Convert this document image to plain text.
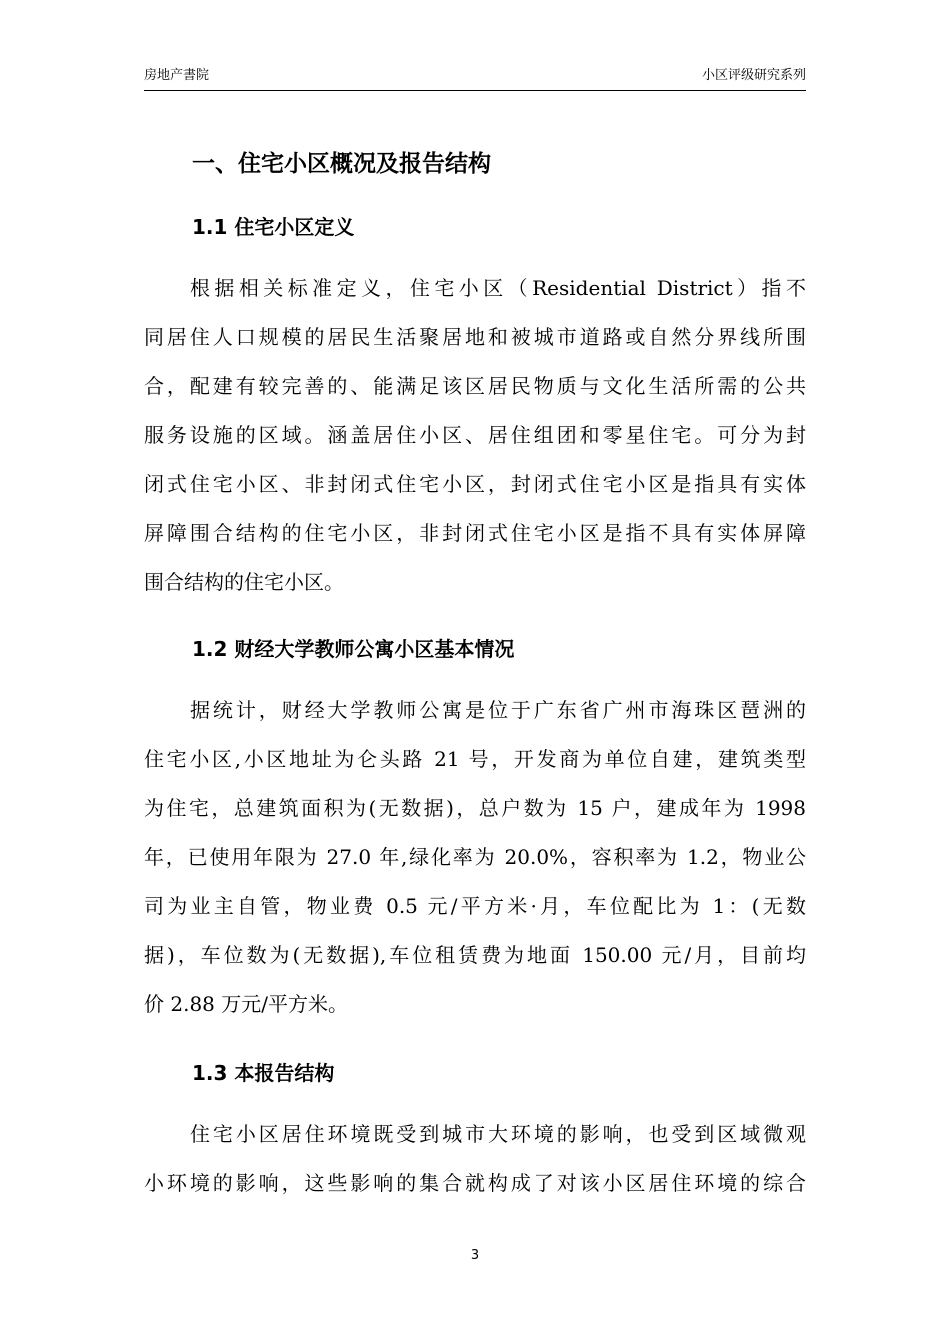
房地产書院	小区评级研究系列
一、住宅小区概况及报告结构
1.1 住宅小区定义
根据相关标准定义，住宅小区（Residential District）指不
同居住人口规模的居民生活聚居地和被城市道路或自然分界线所围
合，配建有较完善的、能满足该区居民物质与文化生活所需的公共
服务设施的区域。涵盖居住小区、居住组团和零星住宅。可分为封
闭式住宅小区、非封闭式住宅小区，封闭式住宅小区是指具有实体
屏障围合结构的住宅小区，非封闭式住宅小区是指不具有实体屏障
围合结构的住宅小区。
1.2 财经大学教师公寓小区基本情况
据统计，财经大学教师公寓是位于广东省广州市海珠区琶洲的
住宅小区,小区地址为仑头路 21 号，开发商为单位自建，建筑类型
为住宅，总建筑面积为(无数据)，总户数为 15 户，建成年为 1998
年，已使用年限为 27.0 年,绿化率为 20.0%，容积率为 1.2，物业公
司为业主自管，物业费 0.5 元/平方米·月，车位配比为 1：(无数
据)，车位数为(无数据),车位租赁费为地面 150.00 元/月，目前均
价 2.88 万元/平方米。
1.3 本报告结构
住宅小区居住环境既受到城市大环境的影响，也受到区域微观
小环境的影响，这些影响的集合就构成了对该小区居住环境的综合
3
